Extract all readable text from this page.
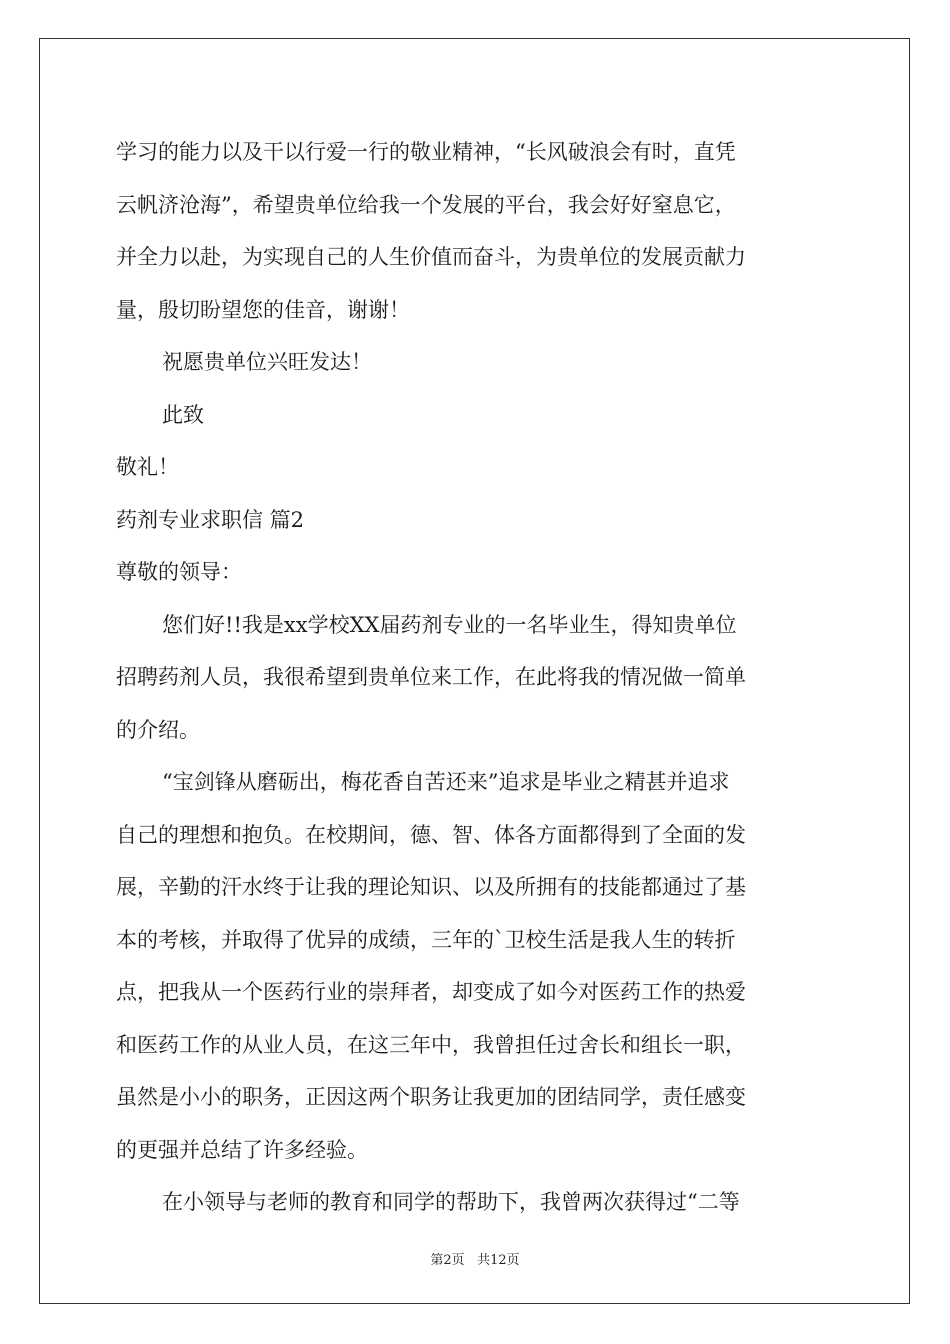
学习的能力以及干以行爱一行的敬业精神，“长风破浪会有时，直凭
云帆济沧海”，希望贵单位给我一个发展的平台，我会好好窒息它，
并全力以赴，为实现自己的人生价值而奋斗，为贵单位的发展贡献力
量，殷切盼望您的佳音，谢谢！
祝愿贵单位兴旺发达！
此致
敬礼！
药剂专业求职信 篇2
尊敬的领导：
您们好!!我是xx学校XX届药剂专业的一名毕业生，得知贵单位
招聘药剂人员，我很希望到贵单位来工作，在此将我的情况做一简单
的介绍。
“宝剑锋从磨砺出，梅花香自苦还来”追求是毕业之精甚并追求
自己的理想和抱负。在校期间，德、智、体各方面都得到了全面的发
展，辛勤的汗水终于让我的理论知识、以及所拥有的技能都通过了基
本的考核，并取得了优异的成绩，三年的`卫校生活是我人生的转折
点，把我从一个医药行业的崇拜者，却变成了如今对医药工作的热爱
和医药工作的从业人员，在这三年中，我曾担任过舍长和组长一职，
虽然是小小的职务，正因这两个职务让我更加的团结同学，责任感变
的更强并总结了许多经验。
在小领导与老师的教育和同学的帮助下，我曾两次获得过“二等
第2页 共12页
